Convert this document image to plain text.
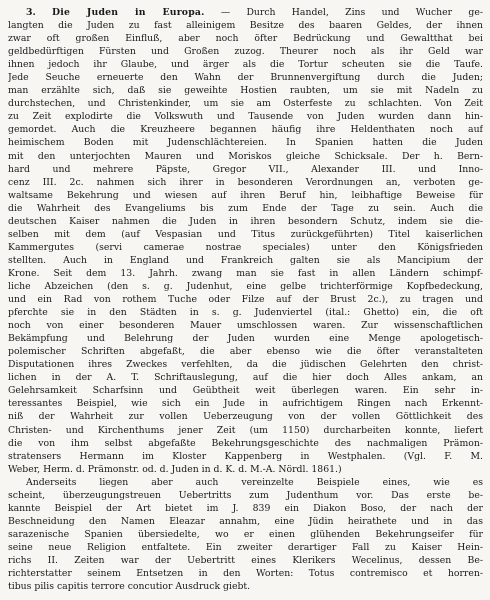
3. Die Juden in Europa. — Durch Handel, Zins und Wucher ge-
langten die Juden zu fast alleinigem Besitze des baaren Geldes, der ihnen
zwar oft großen Einfluß, aber noch öfter Bedrückung und Gewaltthat bei
geldbedürftigen Fürsten und Großen zuzog. Theurer noch als ihr Geld war
ihnen jedoch ihr Glaube, und ärger als die Tortur scheuten sie die Taufe.
Jede Seuche erneuerte den Wahn der Brunnenvergiftung durch die Juden;
man erzählte sich, daß sie geweihte Hostien raubten, um sie mit Nadeln zu
durchstechen, und Christenkinder, um sie am Osterfeste zu schlachten. Von Zeit
zu Zeit explodirte die Volkswuth und Tausende von Juden wurden dann hin-
gemordet. Auch die Kreuzheere begannen häufig ihre Heldenthaten noch auf
heimischem Boden mit Judenschlächtereien. In Spanien hatten die Juden
mit den unterjochten Mauren und Moriskos gleiche Schicksale. Der h. Bern-
hard und mehrere Päpste, Gregor VII., Alexander III. und Inno-
cenz III. 2c. nahmen sich ihrer in besonderen Verordnungen an, verboten ge-
waltsame Bekehrung und wiesen auf ihren Beruf hin, leibhaftige Beweise für
die Wahrheit des Evangeliums bis zum Ende der Tage zu sein. Auch die
deutschen Kaiser nahmen die Juden in ihren besondern Schutz, indem sie die-
selben mit dem (auf Vespasian und Titus zurückgeführten) Titel kaiserlichen
Kammergutes (servi camerae nostrae speciales) unter den Königsfrieden
stellten. Auch in England und Frankreich galten sie als Mancipium der
Krone. Seit dem 13. Jahrh. zwang man sie fast in allen Ländern schimpf-
liche Abzeichen (den s. g. Judenhut, eine gelbe trichterförmige Kopfbedeckung,
und ein Rad von rothem Tuche oder Filze auf der Brust 2c.), zu tragen und
pferchte sie in den Städten in s. g. Judenviertel (ital.: Ghetto) ein, die oft
noch von einer besonderen Mauer umschlossen waren. Zur wissenschaftlichen
Bekämpfung und Belehrung der Juden wurden eine Menge apologetisch-
polemischer Schriften abgefaßt, die aber ebenso wie die öfter veranstalteten
Disputationen ihres Zweckes verfehlten, da die jüdischen Gelehrten den christ-
lichen in der A. T. Schriftauslegung, auf die hier doch Alles ankam, an
Gelehrsamkeit Scharfsinn und Geübtheit weit überlegen waren. Ein sehr in-
teressantes Beispiel, wie sich ein Jude in aufrichtigem Ringen nach Erkennt-
niß der Wahrheit zur vollen Ueberzeugung von der vollen Göttlichkeit des
Christen- und Kirchenthums jener Zeit (um 1150) durcharbeiten konnte, liefert
die von ihm selbst abgefaßte Bekehrungsgeschichte des nachmaligen Prämon-
stratensers Hermann im Kloster Kappenberg in Westphalen. (Vgl. F. M.
Weber, Herm. d. Prämonstr. od. d. Juden in d. K. d. M.-A. Nördl. 1861.)
Anderseits liegen aber auch vereinzelte Beispiele eines, wie es
scheint, überzeugungstreuen Uebertritts zum Judenthum vor. Das erste be-
kannte Beispiel der Art bietet im J. 839 ein Diakon Boso, der nach der
Beschneidung den Namen Eleazar annahm, eine Jüdin heirathete und in das
sarazenische Spanien übersiedelte, wo er einen glühenden Bekehrungseifer für
seine neue Religion entfaltete. Ein zweiter derartiger Fall zu Kaiser Hein-
richs II. Zeiten war der Uebertritt eines Klerikers Wecelinus, dessen Be-
richterstatter seinem Entsetzen in den Worten: Totus contremisco et horren-
tibus pilis capitis terrore concutior Ausdruck giebt.
